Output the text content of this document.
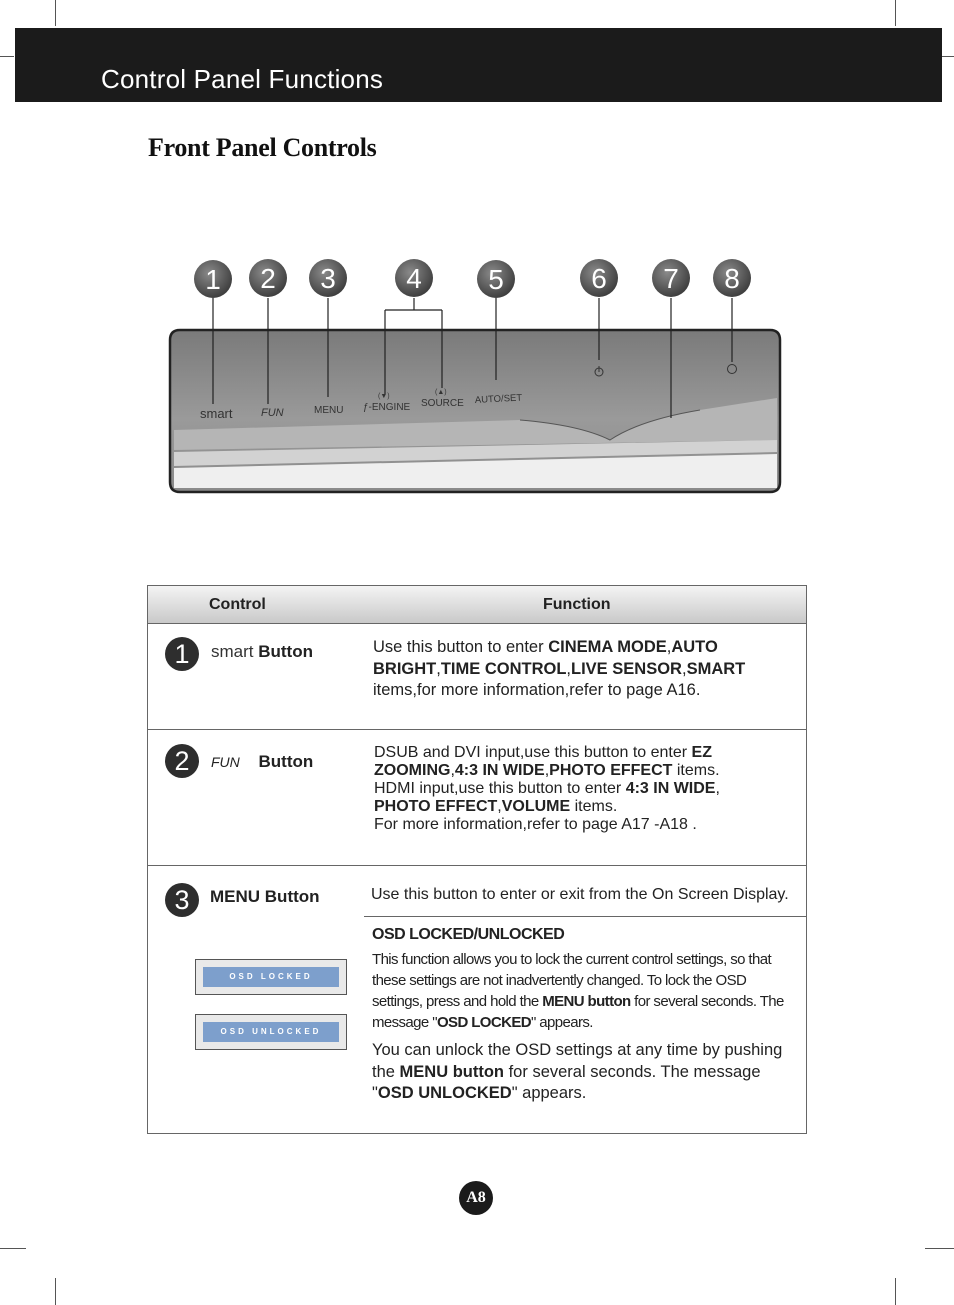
Control Panel Functions
Front Panel Controls
smart	FUN	MENU
(▼)
ƒ-ENGINE
(▲)
SOURCE AUTO/SET
1 2 3	4 5	6 7 8
Control	Function
1	smart Button	Use this button to enter CINEMA MODE,AUTO BRIGHT,TIME CONTROL,LIVE SENSOR,SMART items,for more information,refer to page A16.
2	FUN Button	DSUB and DVI input,use this button to enter EZ ZOOMING,4:3 IN WIDE,PHOTO EFFECT items.
HDMI input,use this button to enter 4:3 IN WIDE,
PHOTO EFFECT,VOLUME items.
For more information,refer to page A17 -A18 .
3	MENU Button	Use this button to enter or exit from the On Screen Display.
OSD LOCKED/UNLOCKED
This function allows you to lock the current control settings, so that these settings are not inadvertently changed. To lock the OSD settings, press and hold the MENU button for several seconds. The message "OSD LOCKED" appears.
You can unlock the OSD settings at any time by pushing the MENU button for several seconds. The message "OSD UNLOCKED" appears.
OSD LOCKED
OSD UNLOCKED
A8
